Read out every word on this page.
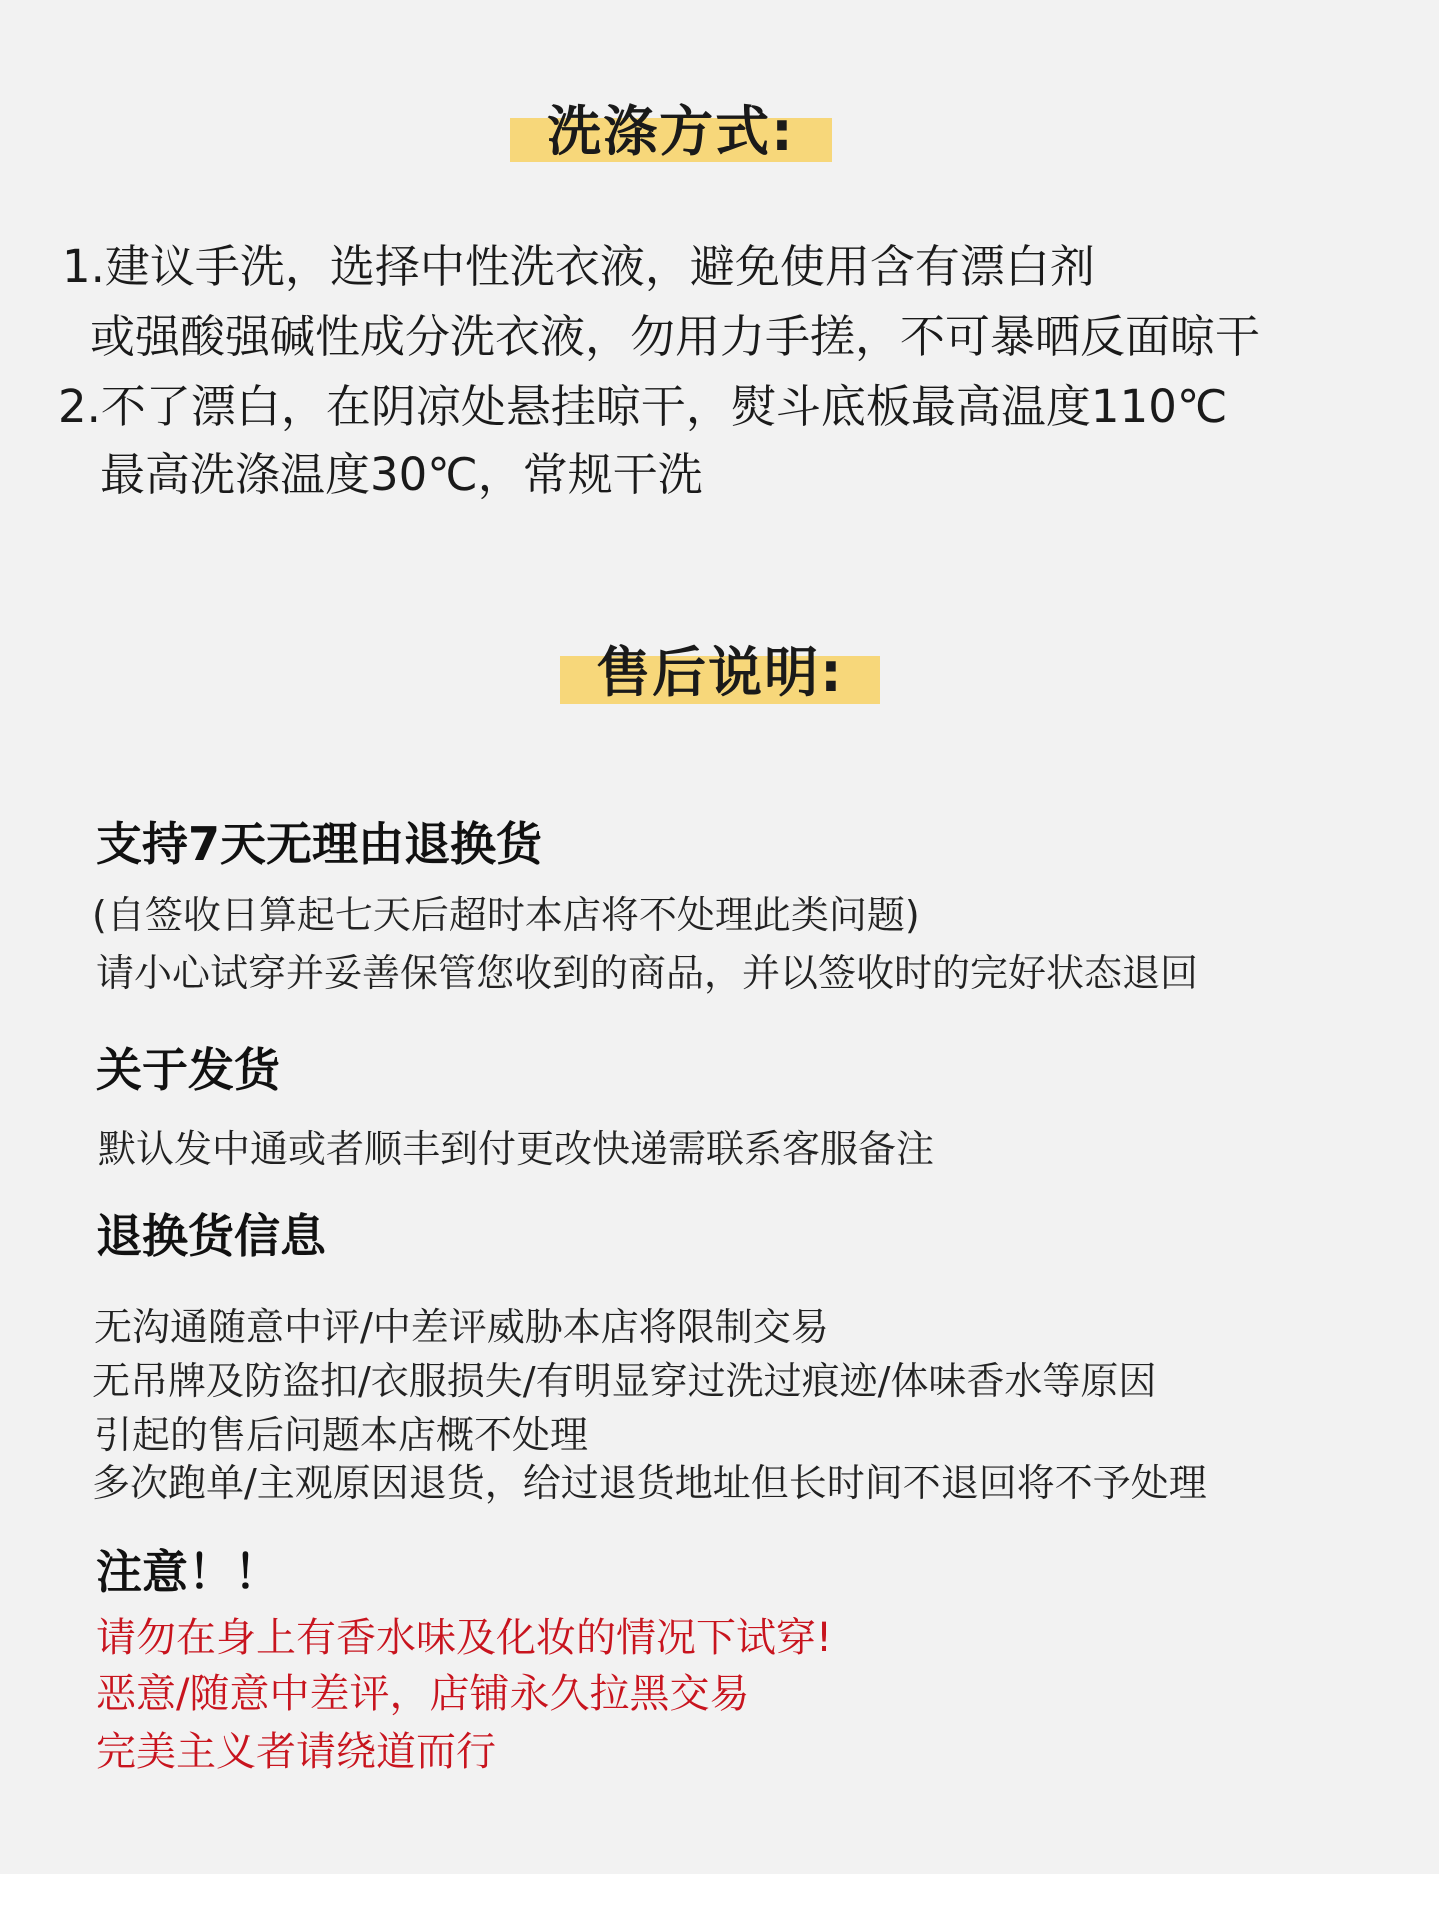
洗涤方式:
1.建议手洗，选择中性洗衣液，避免使用含有漂白剂
或强酸强碱性成分洗衣液，勿用力手搓，不可暴晒反面晾干
2.不了漂白，在阴凉处悬挂晾干，熨斗底板最高温度110℃
最高洗涤温度30℃，常规干洗
售后说明:
支持7天无理由退换货
(自签收日算起七天后超时本店将不处理此类问题)
请小心试穿并妥善保管您收到的商品，并以签收时的完好状态退回
关于发货
默认发中通或者顺丰到付更改快递需联系客服备注
退换货信息
无沟通随意中评/中差评威胁本店将限制交易
无吊牌及防盗扣/衣服损失/有明显穿过洗过痕迹/体味香水等原因
引起的售后问题本店概不处理
多次跑单/主观原因退货，给过退货地址但长时间不退回将不予处理
注意！！
请勿在身上有香水味及化妆的情况下试穿!
恶意/随意中差评，店铺永久拉黑交易
完美主义者请绕道而行
